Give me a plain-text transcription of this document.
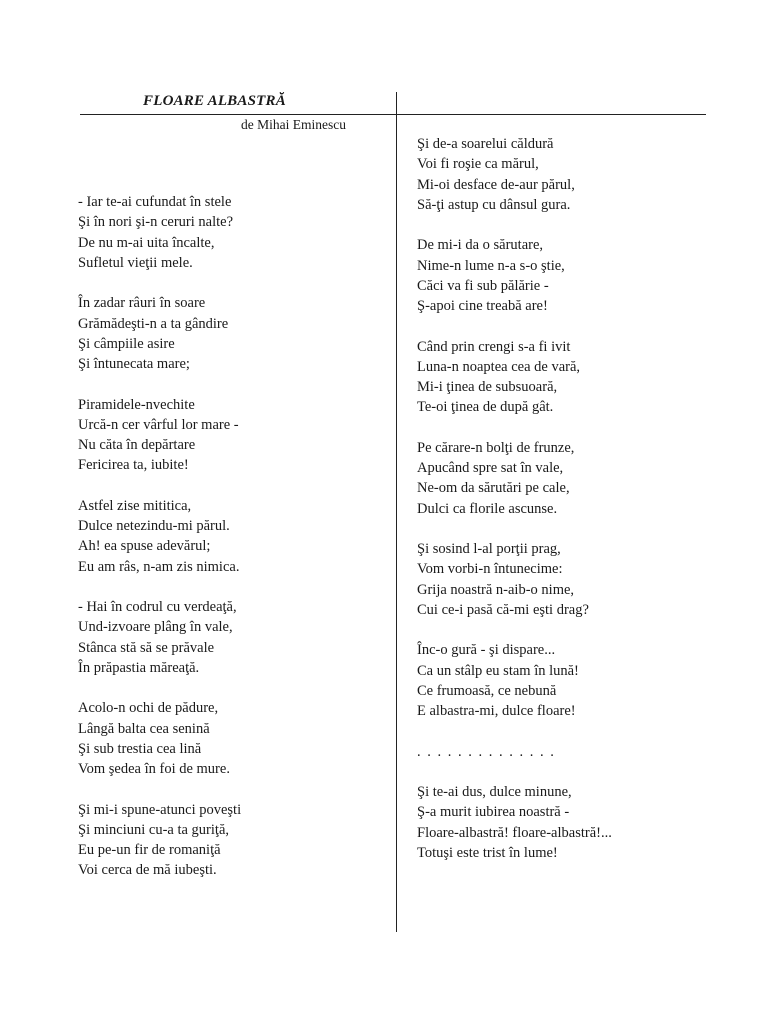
FLOARE ALBASTRĂ
de Mihai Eminescu
- Iar te-ai cufundat în stele
Şi în nori şi-n ceruri nalte?
De nu m-ai uita încalte,
Sufletul vieţii mele.
În zadar râuri în soare
Grămădeşti-n a ta gândire
Şi câmpiile asire
Şi întunecata mare;
Piramidele-nvechite
Urcă-n cer vârful lor mare -
Nu căta în depărtare
Fericirea ta, iubite!
Astfel zise mititica,
Dulce netezindu-mi părul.
Ah! ea spuse adevărul;
Eu am râs, n-am zis nimica.
- Hai în codrul cu verdeaţă,
Und-izvoare plâng în vale,
Stânca stă să se prăvale
În prăpastia măreaţă.
Acolo-n ochi de pădure,
Lângă balta cea senină
Şi sub trestia cea lină
Vom şedea în foi de mure.
Şi mi-i spune-atunci poveşti
Şi minciuni cu-a ta guriţă,
Eu pe-un fir de romaniţă
Voi cerca de mă iubeşti.
Şi de-a soarelui căldură
Voi fi roşie ca mărul,
Mi-oi desface de-aur părul,
Să-ţi astup cu dânsul gura.
De mi-i da o sărutare,
Nime-n lume n-a s-o ştie,
Căci va fi sub pălărie -
Ş-apoi cine treabă are!
Când prin crengi s-a fi ivit
Luna-n noaptea cea de vară,
Mi-i ţinea de subsuoară,
Te-oi ţinea de după gât.
Pe cărare-n bolţi de frunze,
Apucând spre sat în vale,
Ne-om da sărutări pe cale,
Dulci ca florile ascunse.
Şi sosind l-al porţii prag,
Vom vorbi-n întunecime:
Grija noastră n-aib-o nime,
Cui ce-i pasă că-mi eşti drag?
Înc-o gură - şi dispare...
Ca un stâlp eu stam în lună!
Ce frumoasă, ce nebună
E albastra-mi, dulce floare!
. . . . . . . . . . . . . .
Şi te-ai dus, dulce minune,
Ş-a murit iubirea noastră -
Floare-albastră! floare-albastră!...
Totuşi este trist în lume!
